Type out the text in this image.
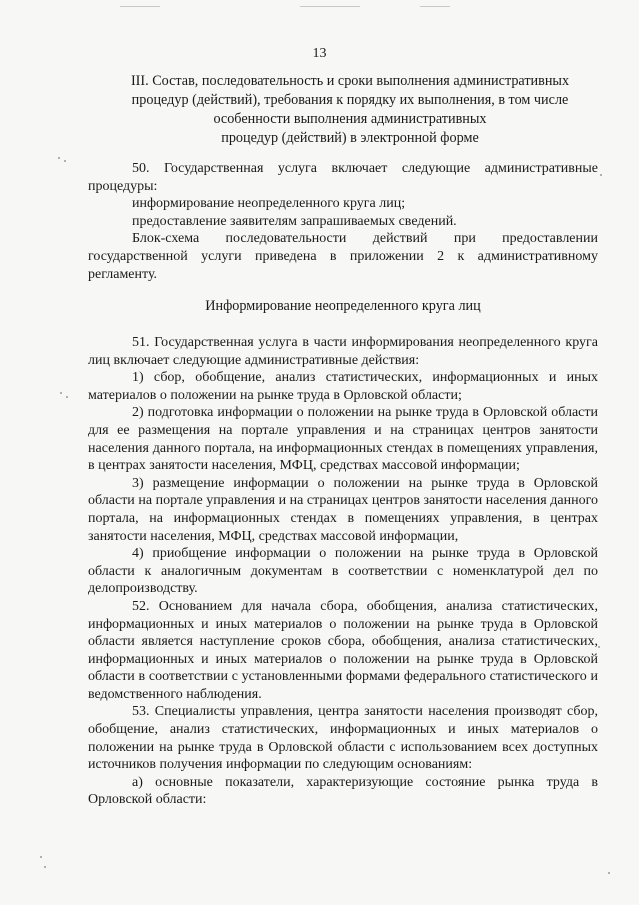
13
III. Состав, последовательность и сроки выполнения административных
процедур (действий), требования к порядку их выполнения, в том числе
особенности выполнения административных
процедур (действий) в электронной форме

50. Государственная услуга включает следующие административные процедуры:

информирование неопределенного круга лиц;

предоставление заявителям запрашиваемых сведений.

Блок-схема последовательности действий при предоставлении государственной услуги приведена в приложении 2 к административному регламенту.

Информирование неопределенного круга лиц

51. Государственная услуга в части информирования неопределенного круга лиц включает следующие административные действия:

1) сбор, обобщение, анализ статистических, информационных и иных материалов о положении на рынке труда в Орловской области;

2) подготовка информации о положении на рынке труда в Орловской области для ее размещения на портале управления и на страницах центров занятости населения данного портала, на информационных стендах в помещениях управления, в центрах занятости населения, МФЦ, средствах массовой информации;

3) размещение информации о положении на рынке труда в Орловской области на портале управления и на страницах центров занятости населения данного портала, на информационных стендах в помещениях управления, в центрах занятости населения, МФЦ, средствах массовой информации,

4) приобщение информации о положении на рынке труда в Орловской области к аналогичным документам в соответствии с номенклатурой дел по делопроизводству.

52. Основанием для начала сбора, обобщения, анализа статистических, информационных и иных материалов о положении на рынке труда в Орловской области является наступление сроков сбора, обобщения, анализа статистических, информационных и иных материалов о положении на рынке труда в Орловской области в соответствии с установленными формами федерального статистического и ведомственного наблюдения.

53. Специалисты управления, центра занятости населения производят сбор, обобщение, анализ статистических, информационных и иных материалов о положении на рынке труда в Орловской области с использованием всех доступных источников получения информации по следующим основаниям:

а) основные показатели, характеризующие состояние рынка труда в Орловской области:
